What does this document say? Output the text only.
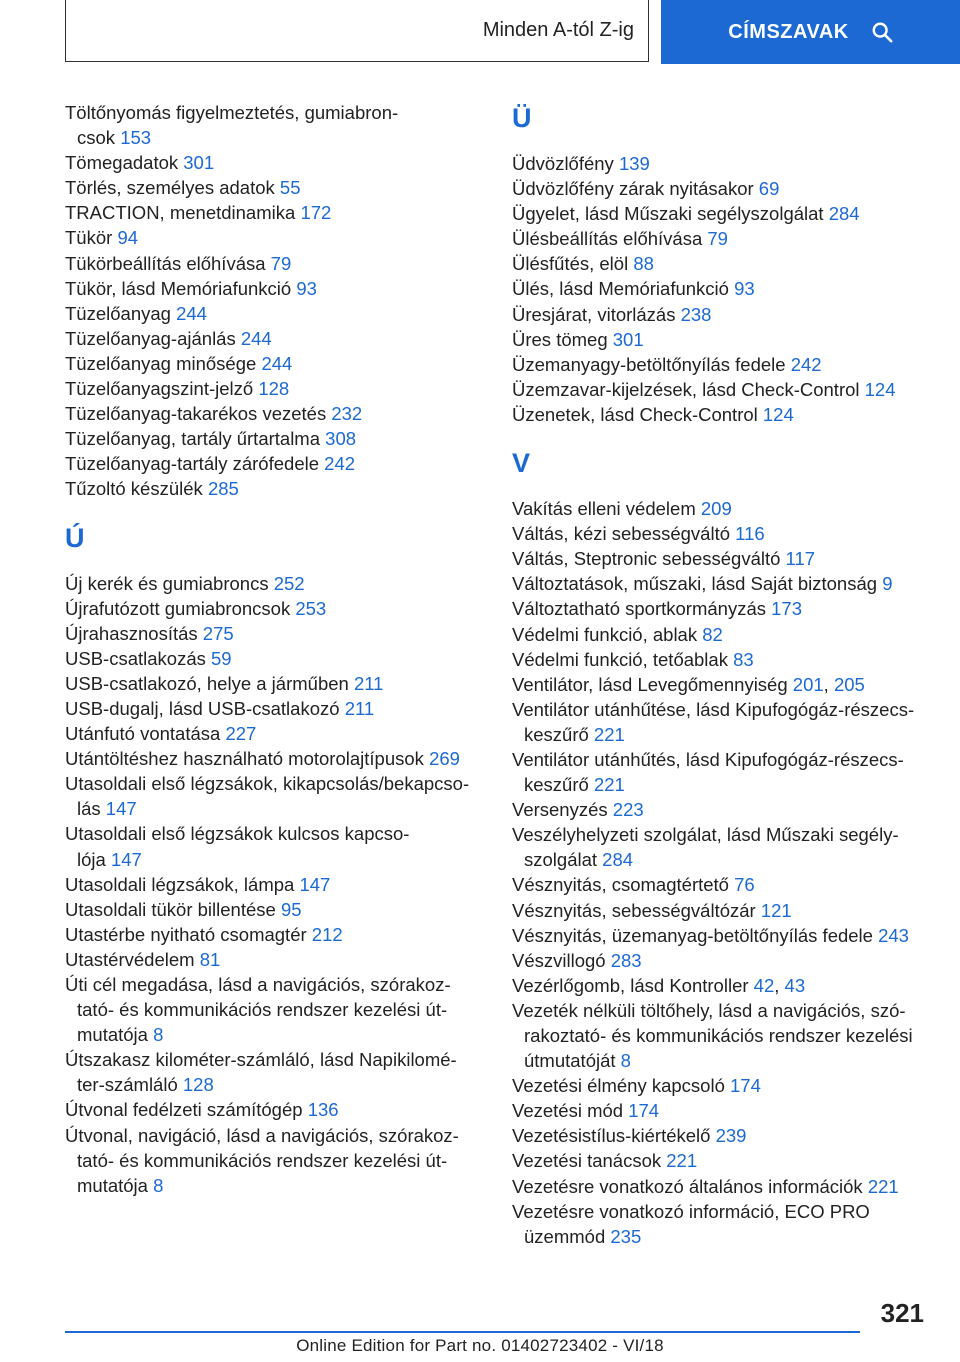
Minden A-tól Z-ig	CÍMSZAVAK
Töltőnyomás figyelmeztetés, gumiabron-
csok 153
Tömegadatok 301
Törlés, személyes adatok 55
TRACTION, menetdinamika 172
Tükör 94
Tükörbeállítás előhívása 79
Tükör, lásd Memóriafunkció 93
Tüzelőanyag 244
Tüzelőanyag-ajánlás 244
Tüzelőanyag minősége 244
Tüzelőanyagszint-jelző 128
Tüzelőanyag-takarékos vezetés 232
Tüzelőanyag, tartály űrtartalma 308
Tüzelőanyag-tartály zárófedele 242
Tűzoltó készülék 285
Ú
Új kerék és gumiabroncs 252
Újrafutózott gumiabroncsok 253
Újrahasznosítás 275
USB-csatlakozás 59
USB-csatlakozó, helye a járműben 211
USB-dugalj, lásd USB-csatlakozó 211
Utánfutó vontatása 227
Utántöltéshez használható motorolajtípusok 269
Utasoldali első légzsákok, kikapcsolás/bekapcso-
lás 147
Utasoldali első légzsákok kulcsos kapcso-
lója 147
Utasoldali légzsákok, lámpa 147
Utasoldali tükör billentése 95
Utastérbe nyitható csomagtér 212
Utastérvédelem 81
Úti cél megadása, lásd a navigációs, szórakoz-
tató- és kommunikációs rendszer kezelési út-
mutatója 8
Útszakasz kilométer-számláló, lásd Napikilomé-
ter-számláló 128
Útvonal fedélzeti számítógép 136
Útvonal, navigáció, lásd a navigációs, szórakoz-
tató- és kommunikációs rendszer kezelési út-
mutatója 8
Ü
Üdvözlőfény 139
Üdvözlőfény zárak nyitásakor 69
Ügyelet, lásd Műszaki segélyszolgálat 284
Ülésbeállítás előhívása 79
Ülésfűtés, elöl 88
Ülés, lásd Memóriafunkció 93
Üresjárat, vitorlázás 238
Üres tömeg 301
Üzemanyagy-betöltőnyílás fedele 242
Üzemzavar-kijelzések, lásd Check-Control 124
Üzenetek, lásd Check-Control 124
V
Vakítás elleni védelem 209
Váltás, kézi sebességváltó 116
Váltás, Steptronic sebességváltó 117
Változtatások, műszaki, lásd Saját biztonság 9
Változtatható sportkormányzás 173
Védelmi funkció, ablak 82
Védelmi funkció, tetőablak 83
Ventilátor, lásd Levegőmennyiség 201, 205
Ventilátor utánhűtése, lásd Kipufogógáz-részecs-
keszűrő 221
Ventilátor utánhűtés, lásd Kipufogógáz-részecs-
keszűrő 221
Versenyzés 223
Veszélyhelyzeti szolgálat, lásd Műszaki segély-
szolgálat 284
Vésznyitás, csomagtértető 76
Vésznyitás, sebességváltózár 121
Vésznyitás, üzemanyag-betöltőnyílás fedele 243
Vészvillogó 283
Vezérlőgomb, lásd Kontroller 42, 43
Vezeték nélküli töltőhely, lásd a navigációs, szó-
rakoztató- és kommunikációs rendszer kezelési
útmutatóját 8
Vezetési élmény kapcsoló 174
Vezetési mód 174
Vezetésistílus-kiértékelő 239
Vezetési tanácsok 221
Vezetésre vonatkozó általános információk 221
Vezetésre vonatkozó információ, ECO PRO
üzemmód 235
321
Online Edition for Part no. 01402723402 - VI/18
